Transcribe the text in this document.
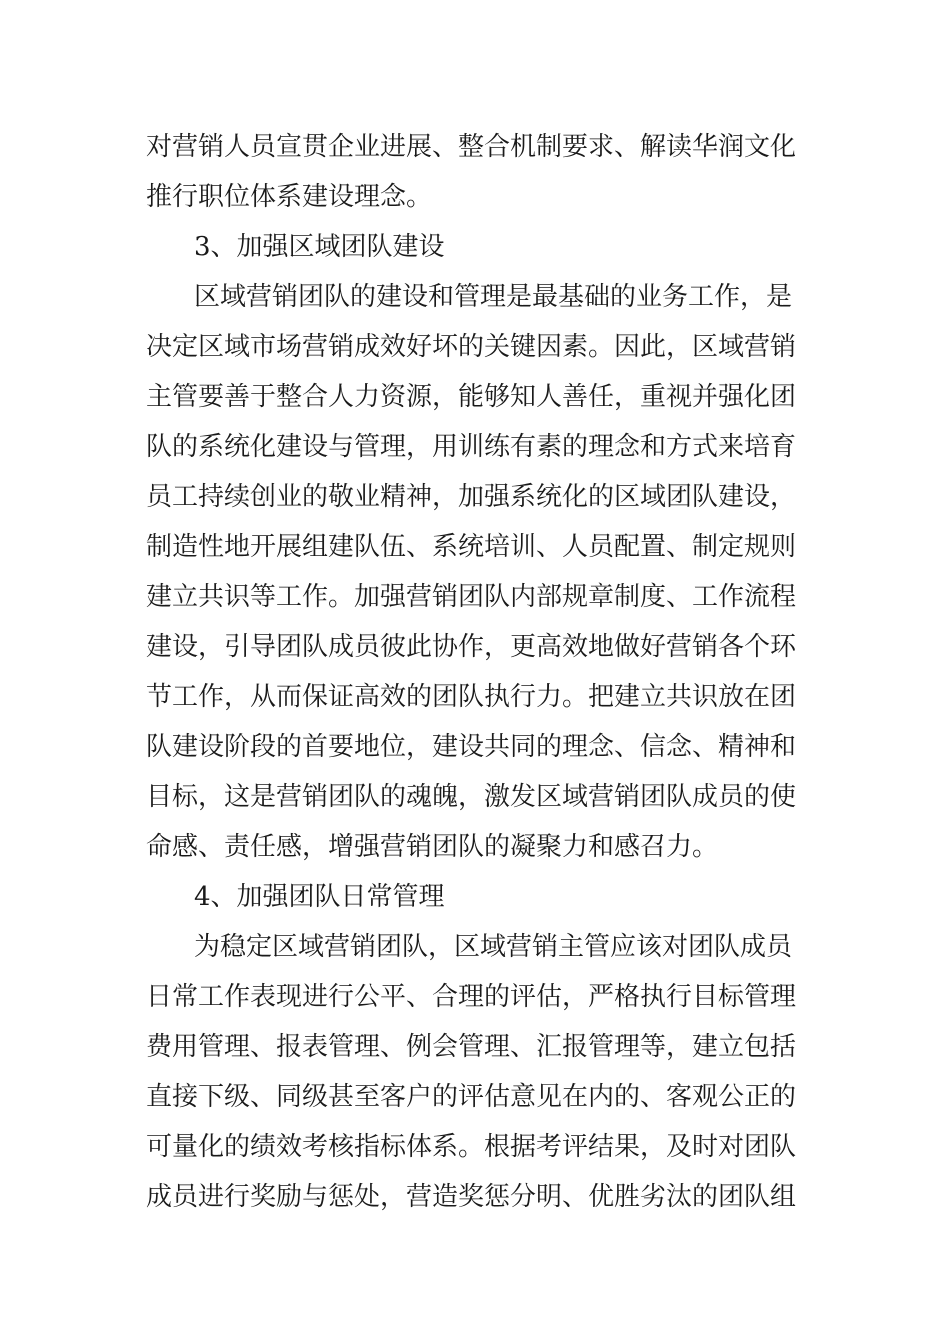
对营销人员宣贯企业进展、整合机制要求、解读华润文化
推行职位体系建设理念。
3、加强区域团队建设
区域营销团队的建设和管理是最基础的业务工作，是
决定区域市场营销成效好坏的关键因素。因此，区域营销
主管要善于整合人力资源，能够知人善任，重视并强化团
队的系统化建设与管理，用训练有素的理念和方式来培育
员工持续创业的敬业精神，加强系统化的区域团队建设，
制造性地开展组建队伍、系统培训、人员配置、制定规则
建立共识等工作。加强营销团队内部规章制度、工作流程
建设，引导团队成员彼此协作，更高效地做好营销各个环
节工作，从而保证高效的团队执行力。把建立共识放在团
队建设阶段的首要地位，建设共同的理念、信念、精神和
目标，这是营销团队的魂魄，激发区域营销团队成员的使
命感、责任感，增强营销团队的凝聚力和感召力。
4、加强团队日常管理
为稳定区域营销团队，区域营销主管应该对团队成员
日常工作表现进行公平、合理的评估，严格执行目标管理
费用管理、报表管理、例会管理、汇报管理等，建立包括
直接下级、同级甚至客户的评估意见在内的、客观公正的
可量化的绩效考核指标体系。根据考评结果，及时对团队
成员进行奖励与惩处，营造奖惩分明、优胜劣汰的团队组
